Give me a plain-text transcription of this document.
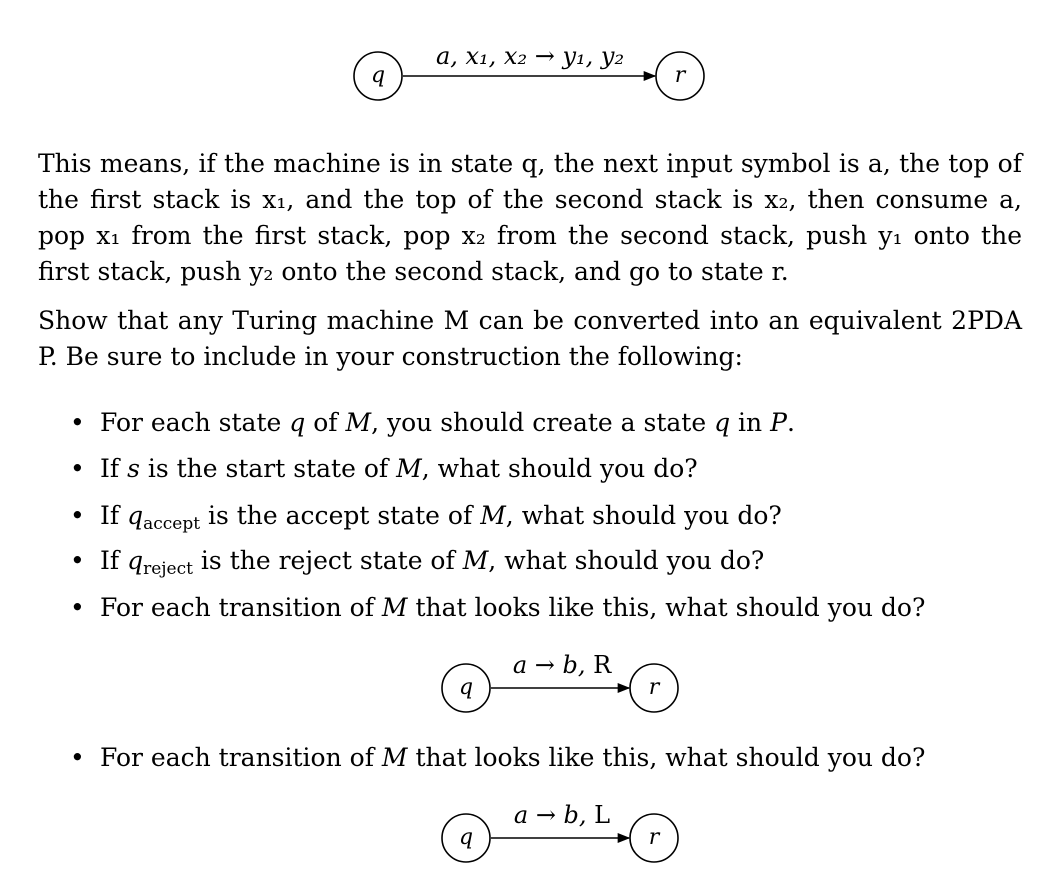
q
a, x₁, x₂ → y₁, y₂
r

This means, if the machine is in state q, the next input symbol is a, the top of the first stack is x₁, and the top of the second stack is x₂, then consume a, pop x₁ from the first stack, pop x₂ from the second stack, push y₁ onto the first stack, push y₂ onto the second stack, and go to state r.

Show that any Turing machine M can be converted into an equivalent 2PDA P. Be sure to include in your construction the following:

• For each state q of M, you should create a state q in P.
• If s is the start state of M, what should you do?
• If $q_{accept}$ is the accept state of M, what should you do?
• If $q_{reject}$ is the reject state of M, what should you do?
• For each transition of M that looks like this, what should you do?
• For each transition of M that looks like this, what should you do?
q
a → b, R
r
q
a → b, L
r
